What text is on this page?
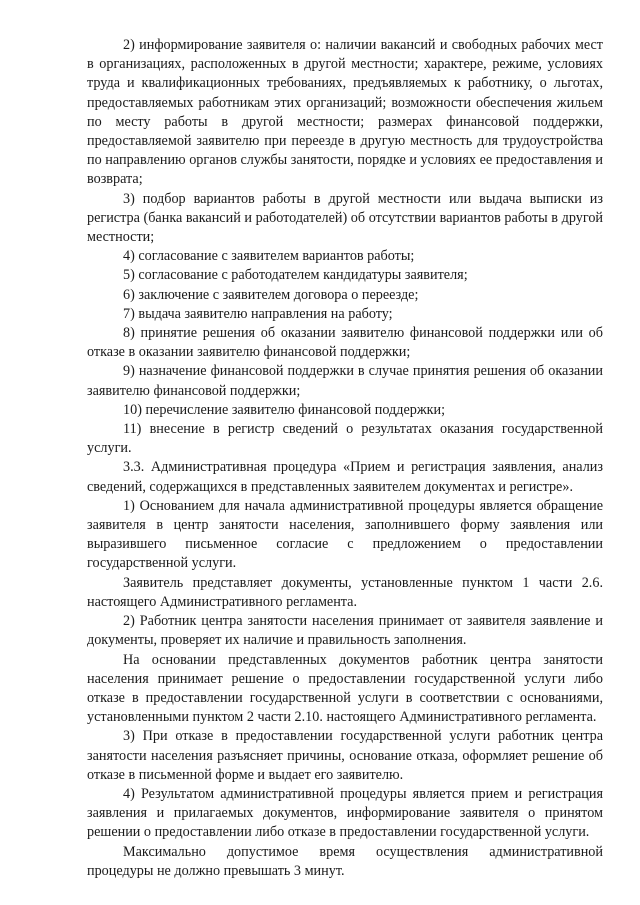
2) информирование заявителя о: наличии вакансий и свободных рабочих мест в организациях, расположенных в другой местности; характере, режиме, условиях труда и квалификационных требованиях, предъявляемых к работнику, о льготах, предоставляемых работникам этих организаций; возможности обеспечения жильем по месту работы в другой местности; размерах финансовой поддержки, предоставляемой заявителю при переезде в другую местность для трудоустройства по направлению органов службы занятости, порядке и условиях ее предоставления и возврата;

3) подбор вариантов работы в другой местности или выдача выписки из регистра (банка вакансий и работодателей) об отсутствии вариантов работы в другой местности;

4) согласование с заявителем вариантов работы;

5) согласование с работодателем кандидатуры заявителя;

6) заключение с заявителем договора о переезде;

7) выдача заявителю направления на работу;

8) принятие решения об оказании заявителю финансовой поддержки или об отказе в оказании заявителю финансовой поддержки;

9) назначение финансовой поддержки в случае принятия решения об оказании заявителю финансовой поддержки;

10) перечисление заявителю финансовой поддержки;

11) внесение в регистр сведений о результатах оказания государственной услуги.

3.3. Административная процедура «Прием и регистрация заявления, анализ сведений, содержащихся в представленных заявителем документах и регистре».

1) Основанием для начала административной процедуры является обращение заявителя в центр занятости населения, заполнившего форму заявления или выразившего письменное согласие с предложением о предоставлении государственной услуги.

Заявитель представляет документы, установленные пунктом 1 части 2.6. настоящего Административного регламента.

2) Работник центра занятости населения принимает от заявителя заявление и документы, проверяет их наличие и правильность заполнения.

На основании представленных документов работник центра занятости населения принимает решение о предоставлении государственной услуги либо отказе в предоставлении государственной услуги в соответствии с основаниями, установленными пунктом 2 части 2.10. настоящего Административного регламента.

3) При отказе в предоставлении государственной услуги работник центра занятости населения разъясняет причины, основание отказа, оформляет решение об отказе в письменной форме и выдает его заявителю.

4) Результатом административной процедуры является прием и регистрация заявления и прилагаемых документов, информирование заявителя о принятом решении о предоставлении либо отказе в предоставлении государственной услуги.

Максимально допустимое время осуществления административной процедуры не должно превышать 3 минут.
